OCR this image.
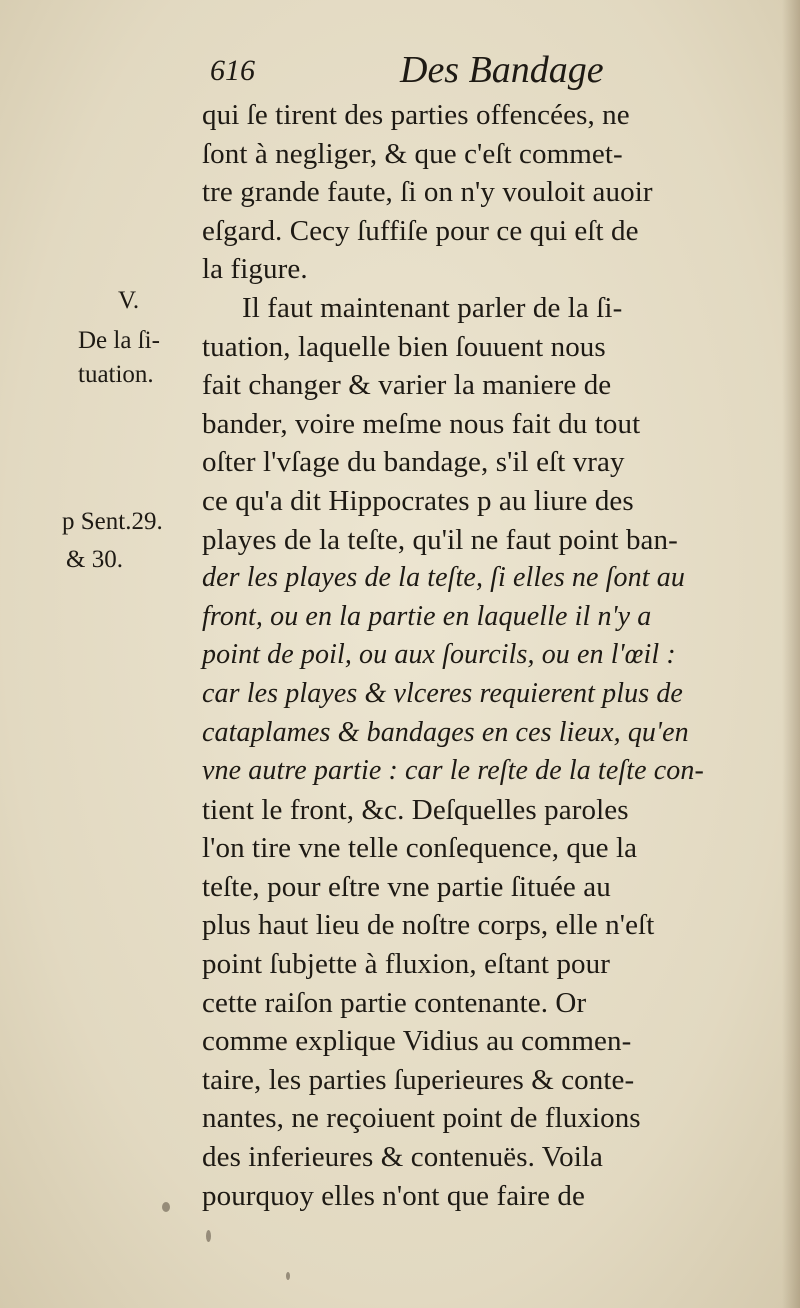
616	Des Bandage
V.
De la ſi-
tuation.
p Sent.29.
& 30.
qui ſe tirent des parties offencées, ne
ſont à negliger, & que c'eſt commet-
tre grande faute, ſi on n'y vouloit auoir
eſgard. Cecy ſuffiſe pour ce qui eſt de
la figure.
Il faut maintenant parler de la ſi-
tuation, laquelle bien ſouuent nous
fait changer & varier la maniere de
bander, voire meſme nous fait du tout
oſter l'vſage du bandage, s'il eſt vray
ce qu'a dit Hippocrates p au liure des
playes de la teſte, qu'il ne faut point ban-
der les playes de la teſte, ſi elles ne ſont au
front, ou en la partie en laquelle il n'y a
point de poil, ou aux ſourcils, ou en l'œil :
car les playes & vlceres requierent plus de
cataplames & bandages en ces lieux, qu'en
vne autre partie : car le reſte de la teſte con-
tient le front, &c. Deſquelles paroles
l'on tire vne telle conſequence, que la
teſte, pour eſtre vne partie ſituée au
plus haut lieu de noſtre corps, elle n'eſt
point ſubjette à fluxion, eſtant pour
cette raiſon partie contenante. Or
comme explique Vidius au commen-
taire, les parties ſuperieures & conte-
nantes, ne reçoiuent point de fluxions
des inferieures & contenuës. Voila
pourquoy elles n'ont que faire de
